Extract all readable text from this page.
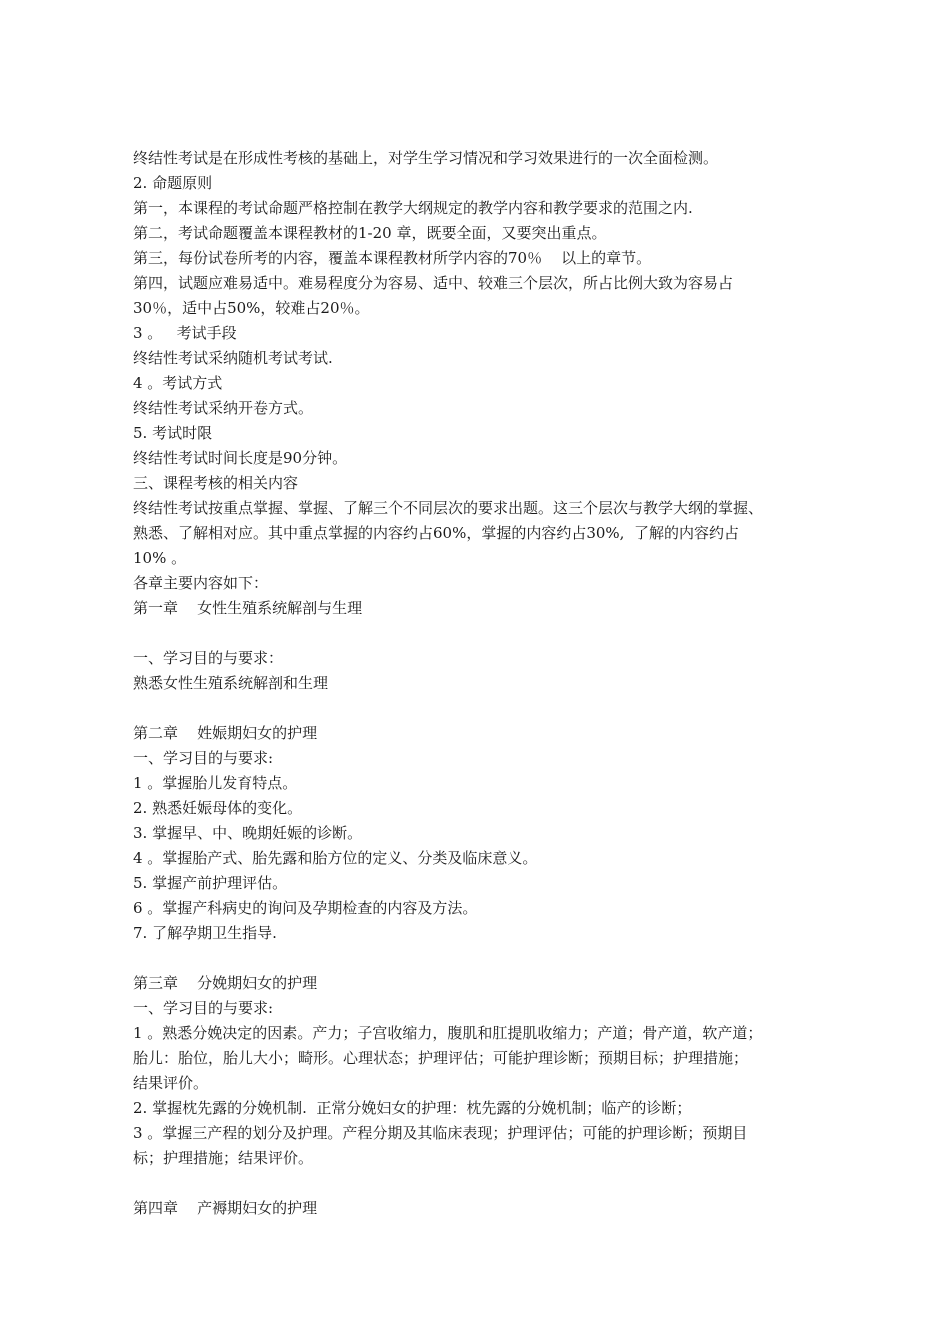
终结性考试是在形成性考核的基础上，对学生学习情况和学习效果进行的一次全面检测。
2. 命题原则
第一，本课程的考试命题严格控制在教学大纲规定的教学内容和教学要求的范围之内.
第二，考试命题覆盖本课程教材的1-20 章，既要全面，又要突出重点。
第三，每份试卷所考的内容，覆盖本课程教材所学内容的70％    以上的章节。
第四，试题应难易适中。难易程度分为容易、适中、较难三个层次，所占比例大致为容易占
30％，适中占50%，较难占20％。
3 。   考试手段
终结性考试采纳随机考试考试.
4 。考试方式
终结性考试采纳开卷方式。
5. 考试时限
终结性考试时间长度是90分钟。
三、课程考核的相关内容
终结性考试按重点掌握、掌握、了解三个不同层次的要求出题。这三个层次与教学大纲的掌握、
熟悉、了解相对应。其中重点掌握的内容约占60%，掌握的内容约占30%,  了解的内容约占
10% 。
各章主要内容如下：
第一章    女性生殖系统解剖与生理
一、学习目的与要求：
熟悉女性生殖系统解剖和生理
第二章    姓娠期妇女的护理
一、学习目的与要求:
1 。掌握胎儿发育特点。
2. 熟悉妊娠母体的变化。
3. 掌握早、中、晚期妊娠的诊断。
4 。掌握胎产式、胎先露和胎方位的定义、分类及临床意义。
5. 掌握产前护理评估。
6 。掌握产科病史的询问及孕期检查的内容及方法。
7. 了解孕期卫生指导.
第三章    分娩期妇女的护理
一、学习目的与要求:
1 。熟悉分娩决定的因素。产力；子宫收缩力，腹肌和肛提肌收缩力；产道；骨产道，软产道；
胎儿：胎位，胎儿大小；畸形。心理状态；护理评估；可能护理诊断；预期目标；护理措施；
结果评价。
2. 掌握枕先露的分娩机制.  正常分娩妇女的护理：枕先露的分娩机制；临产的诊断；
3 。掌握三产程的划分及护理。产程分期及其临床表现；护理评估；可能的护理诊断；预期目
标；护理措施；结果评价。
第四章    产褥期妇女的护理
